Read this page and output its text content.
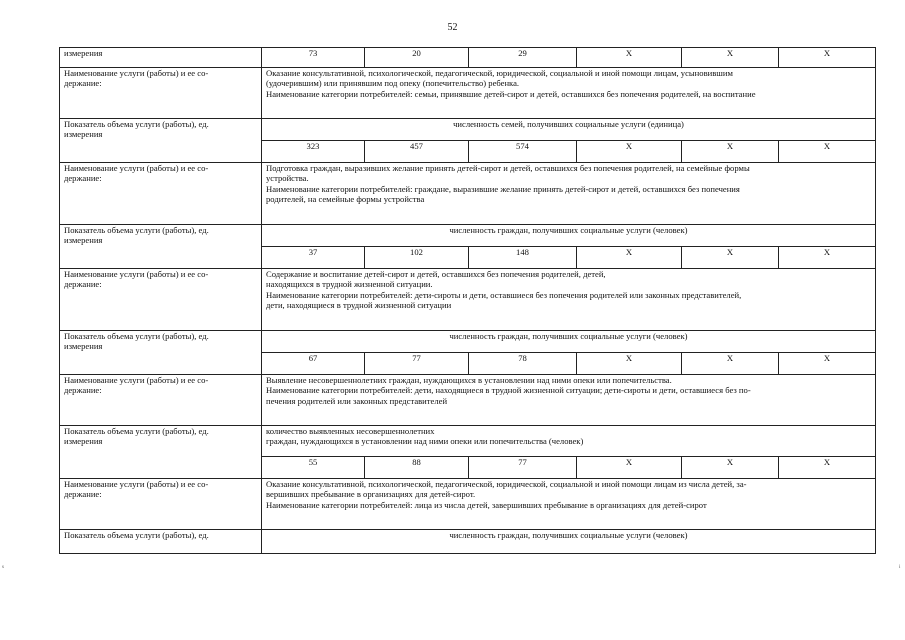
52
s	i
измерения	73	20	29	X	X	X
Наименование услуги (работы) и ее со-
держание:	Оказание консультативной, психологической, педагогической, юридической, социальной и иной помощи лицам, усыновившим
(удочерившим) или принявшим под опеку (попечительство) ребенка.
Наименование категории потребителей: семьи, принявшие детей-сирот и детей, оставшихся без попечения родителей, на воспитание					

Показатель объема услуги (работы), ед.
измерения	численность семей, получивших социальные услуги (единица)					
	323	457	574	X	X	X
Наименование услуги (работы) и ее со-
держание:	Подготовка граждан, выразивших желание принять детей-сирот и детей, оставшихся без попечения родителей, на семейные формы
устройства.
Наименование категории потребителей: граждане, выразившие желание принять детей-сирот и детей, оставшихся без попечения
родителей, на семейные формы устройства					

Показатель объема услуги (работы), ед.
измерения	численность граждан, получивших социальные услуги (человек)					
	37	102	148	X	X	X
Наименование услуги (работы) и ее со-
держание:	Содержание и воспитание детей-сирот и детей, оставшихся без попечения родителей, детей,
находящихся в трудной жизненной ситуации.
Наименование категории потребителей: дети-сироты и дети, оставшиеся без попечения родителей или законных представителей,
дети, находящиеся в трудной жизненной ситуации					

Показатель объема услуги (работы), ед.
измерения	численность граждан, получивших социальные услуги (человек)					
	67	77	78	X	X	X
Наименование услуги (работы) и ее со-
держание:	Выявление несовершеннолетних граждан, нуждающихся в установлении над ними опеки или попечительства.
Наименование категории потребителей: дети, находящиеся в трудной жизненной ситуации; дети-сироты и дети, оставшиеся без по-
печения родителей или законных представителей					

Показатель объема услуги (работы), ед.
измерения	количество выявленных несовершеннолетних
граждан, нуждающихся в установлении над ними опеки или попечительства (человек)					
	55	88	77	X	X	X
Наименование услуги (работы) и ее со-
держание:	Оказание консультативной, психологической, педагогической, юридической, социальной и иной помощи лицам из числа детей, за-
вершивших пребывание в организациях для детей-сирот.
Наименование категории потребителей: лица из числа детей, завершивших пребывание в организациях для детей-сирот					

Показатель объема услуги (работы), ед.	численность граждан, получивших социальные услуги (человек)					
